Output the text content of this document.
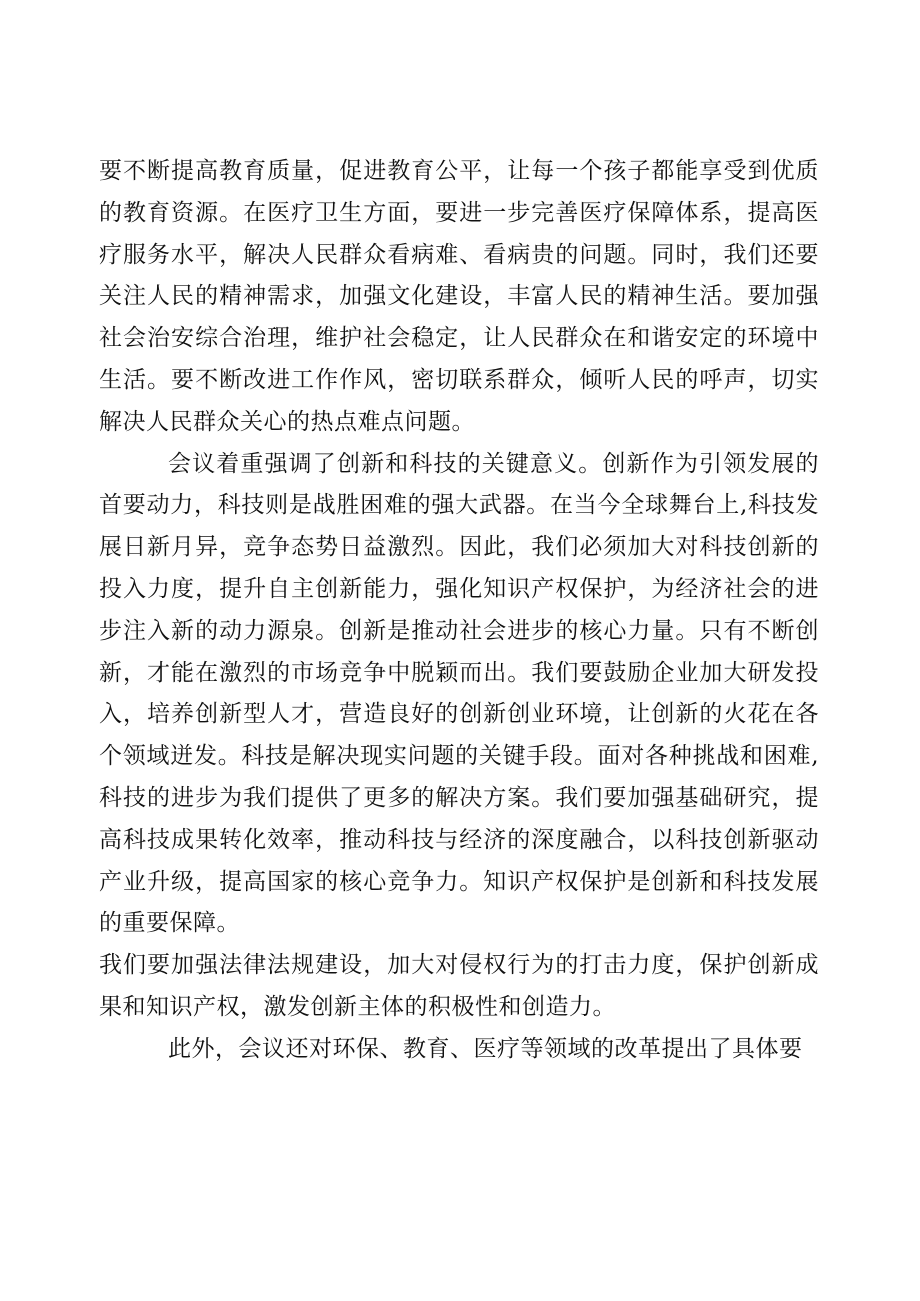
要不断提高教育质量，促进教育公平，让每一个孩子都能享受到优质的教育资源。在医疗卫生方面，要进一步完善医疗保障体系，提高医疗服务水平，解决人民群众看病难、看病贵的问题。同时，我们还要关注人民的精神需求，加强文化建设，丰富人民的精神生活。要加强社会治安综合治理，维护社会稳定，让人民群众在和谐安定的环境中生活。要不断改进工作作风，密切联系群众，倾听人民的呼声，切实解决人民群众关心的热点难点问题。

会议着重强调了创新和科技的关键意义。创新作为引领发展的首要动力，科技则是战胜困难的强大武器。在当今全球舞台上,科技发展日新月异，竞争态势日益激烈。因此，我们必须加大对科技创新的投入力度，提升自主创新能力，强化知识产权保护，为经济社会的进步注入新的动力源泉。创新是推动社会进步的核心力量。只有不断创新，才能在激烈的市场竞争中脱颖而出。我们要鼓励企业加大研发投入，培养创新型人才，营造良好的创新创业环境，让创新的火花在各个领域迸发。科技是解决现实问题的关键手段。面对各种挑战和困难,科技的进步为我们提供了更多的解决方案。我们要加强基础研究，提高科技成果转化效率，推动科技与经济的深度融合，以科技创新驱动产业升级，提高国家的核心竞争力。知识产权保护是创新和科技发展的重要保障。

我们要加强法律法规建设，加大对侵权行为的打击力度，保护创新成果和知识产权，激发创新主体的积极性和创造力。

此外，会议还对环保、教育、医疗等领域的改革提出了具体要
